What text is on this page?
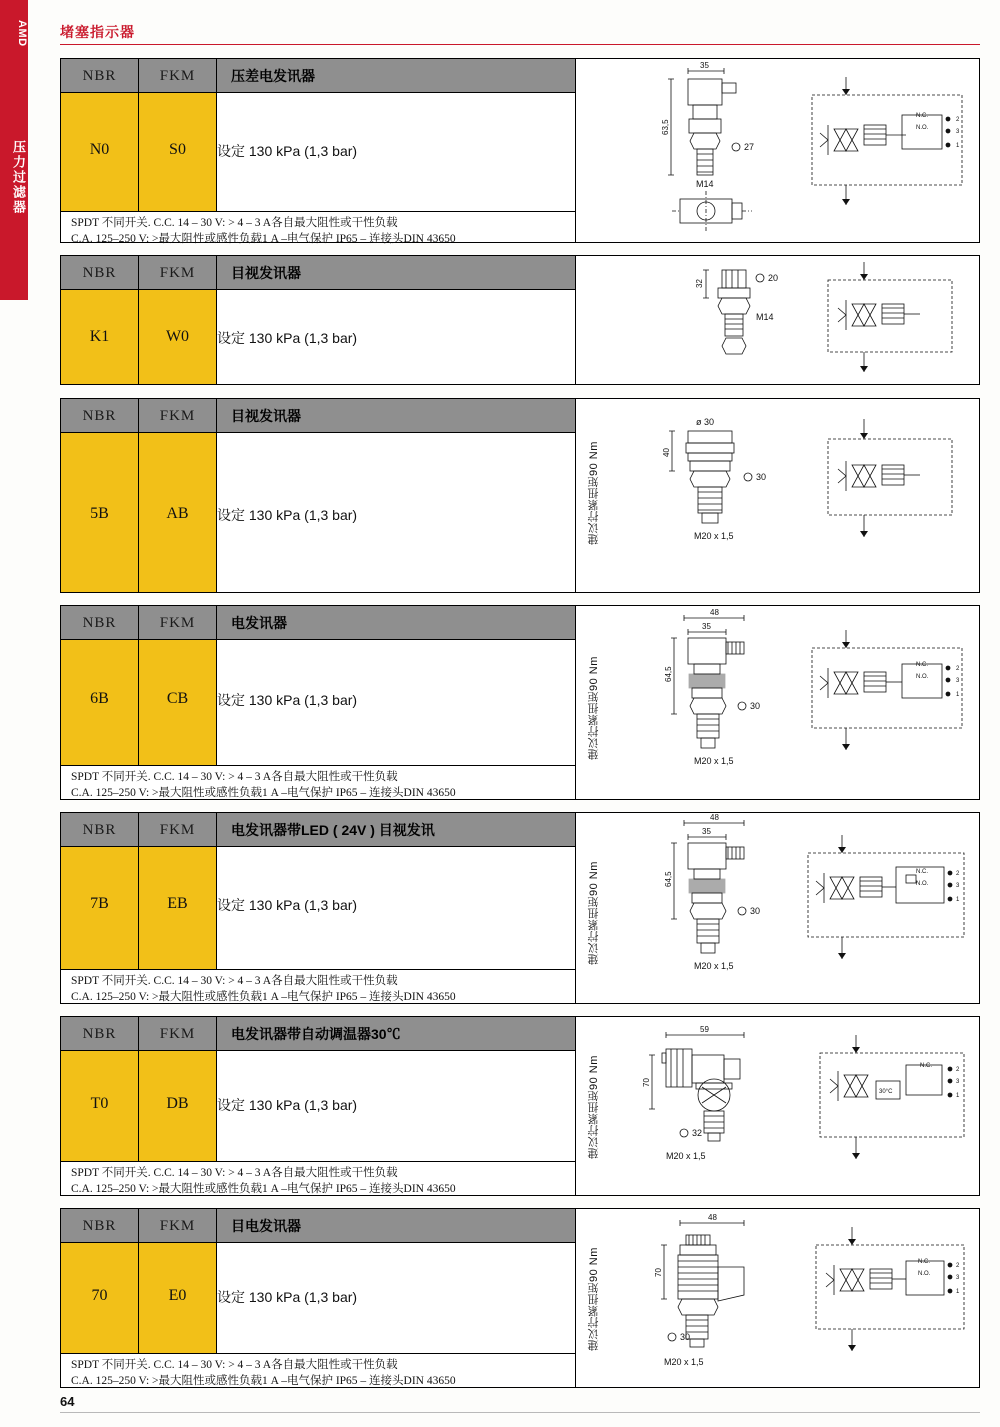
AMD
压力过滤器
堵塞指示器
NBR	FKM	压差电发讯器
N0	S0	设定 130 kPa (1,3 bar)
SPDT 不同开关. C.C. 14 – 30 V: > 4 – 3 A各自最大阻性或干性负载
C.A. 125–250 V: >最大阻性或感性负载1 A –电气保护 IP65 – 连接头DIN 43650
35
63,5
27
M14
N.C.
N.O.
2
3
1
NBR	FKM	目视发讯器
K1	W0	设定 130 kPa (1,3 bar)
32
20
M14
NBR	FKM	目视发讯器
5B	AB	设定 130 kPa (1,3 bar)	建议拧紧扭矩90 Nm
ø 30
40
30
M20 x 1,5
NBR	FKM	电发讯器
6B	CB	设定 130 kPa (1,3 bar)
SPDT 不同开关. C.C. 14 – 30 V: > 4 – 3 A各自最大阻性或干性负载
C.A. 125–250 V: >最大阻性或感性负载1 A –电气保护 IP65 – 连接头DIN 43650
建议拧紧扭矩90 Nm
48
35
64,5
30
M20 x 1,5
N.C.
N.O.
2
3
1
NBR	FKM	电发讯器带LED ( 24V ) 目视发讯
7B	EB	设定 130 kPa (1,3 bar)
SPDT 不同开关. C.C. 14 – 30 V: > 4 – 3 A各自最大阻性或干性负载
C.A. 125–250 V: >最大阻性或感性负载1 A –电气保护 IP65 – 连接头DIN 43650
建议拧紧扭矩90 Nm
48
35
64,5
30
M20 x 1,5
N.C.
N.O.
2
3
1
NBR	FKM	电发讯器带自动调温器30℃
T0	DB	设定 130 kPa (1,3 bar)
SPDT 不同开关. C.C. 14 – 30 V: > 4 – 3 A各自最大阻性或干性负载
C.A. 125–250 V: >最大阻性或感性负载1 A –电气保护 IP65 – 连接头DIN 43650
建议拧紧扭矩90 Nm
59
70
32
M20 x 1,5
30°C
N.C.
2
3
1
NBR	FKM	目电发讯器
70	E0	设定 130 kPa (1,3 bar)
SPDT 不同开关. C.C. 14 – 30 V: > 4 – 3 A各自最大阻性或干性负载
C.A. 125–250 V: >最大阻性或感性负载1 A –电气保护 IP65 – 连接头DIN 43650
建议拧紧扭矩90 Nm
48
70
30
M20 x 1,5
N.C.
N.O.
2
3
1
64
